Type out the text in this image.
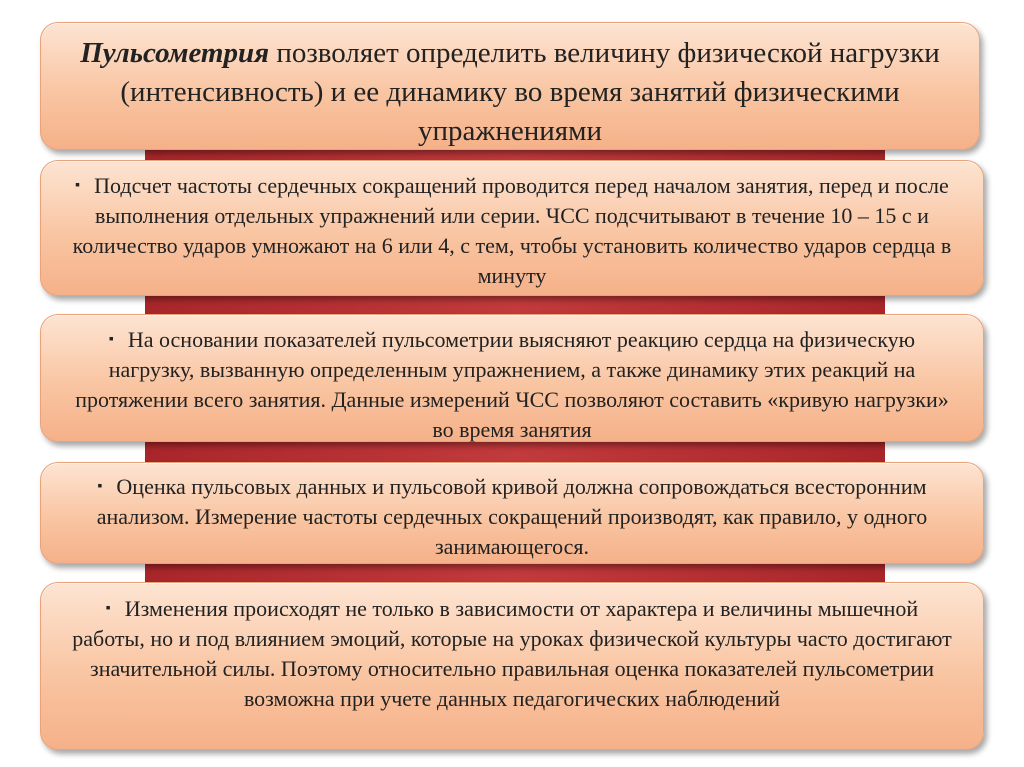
Пульсометрия позволяет определить величину физической нагрузки (интенсивность) и ее динамику во время занятий физическими упражнениями
▪ Подсчет частоты сердечных сокращений проводится перед началом занятия, перед и после выполнения отдельных упражнений или серии. ЧСС подсчитывают в течение 10 – 15 с и количество ударов умножают на 6 или 4, с тем, чтобы установить количество ударов сердца в минуту
▪ На основании показателей пульсометрии выясняют реакцию сердца на физическую нагрузку, вызванную определенным упражнением, а также динамику этих реакций на протяжении всего занятия. Данные измерений ЧСС позволяют составить «кривую нагрузки» во время занятия
▪ Оценка пульсовых данных и пульсовой кривой должна сопровождаться всесторонним анализом. Измерение частоты сердечных сокращений производят, как правило, у одного занимающегося.
▪ Изменения происходят не только в зависимости от характера и величины мышечной работы, но и под влиянием эмоций, которые на уроках физической культуры часто достигают значительной силы. Поэтому относительно правильная оценка показателей пульсометрии возможна при учете данных педагогических наблюдений
